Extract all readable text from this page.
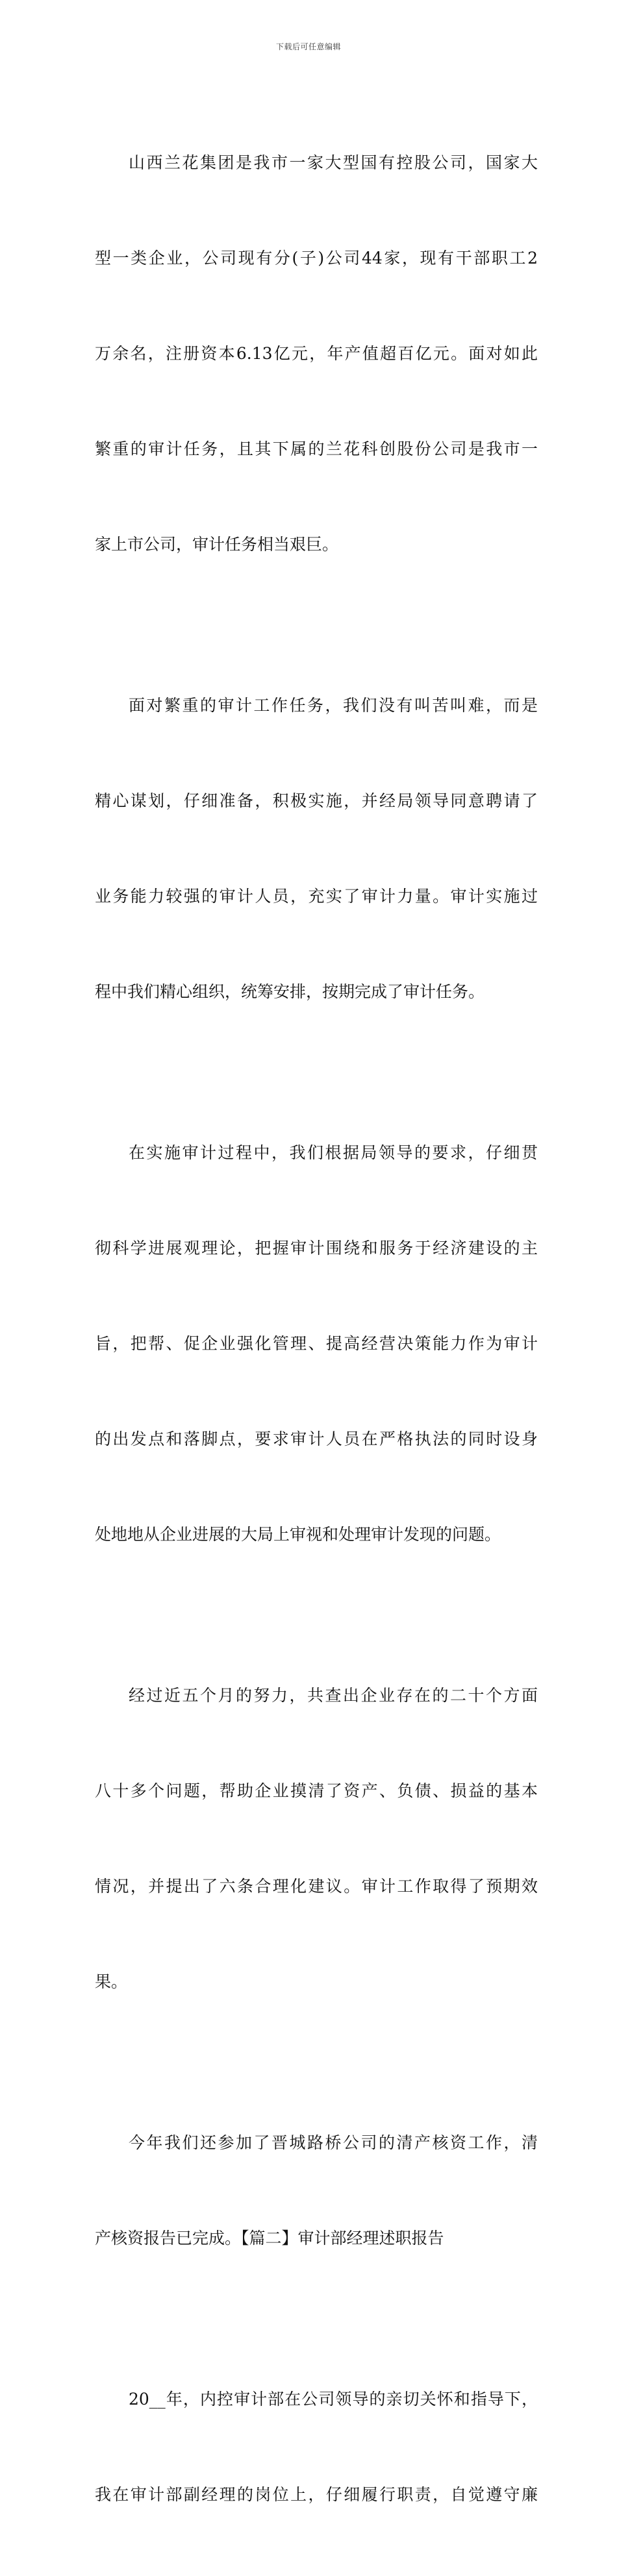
下载后可任意编辑

山西兰花集团是我市一家大型国有控股公司，国家大

型一类企业，公司现有分(子)公司44家，现有干部职工2

万余名，注册资本6.13亿元，年产值超百亿元。面对如此

繁重的审计任务，且其下属的兰花科创股份公司是我市一

家上市公司，审计任务相当艰巨。

面对繁重的审计工作任务，我们没有叫苦叫难，而是

精心谋划，仔细准备，积极实施，并经局领导同意聘请了

业务能力较强的审计人员，充实了审计力量。审计实施过

程中我们精心组织，统筹安排，按期完成了审计任务。

在实施审计过程中，我们根据局领导的要求，仔细贯

彻科学进展观理论，把握审计围绕和服务于经济建设的主

旨，把帮、促企业强化管理、提高经营决策能力作为审计

的出发点和落脚点，要求审计人员在严格执法的同时设身

处地地从企业进展的大局上审视和处理审计发现的问题。

经过近五个月的努力，共查出企业存在的二十个方面

八十多个问题，帮助企业摸清了资产、负债、损益的基本

情况，并提出了六条合理化建议。审计工作取得了预期效

果。

今年我们还参加了晋城路桥公司的清产核资工作，清

产核资报告已完成。【篇二】审计部经理述职报告

20__年，内控审计部在公司领导的亲切关怀和指导下，

我在审计部副经理的岗位上，仔细履行职责，自觉遵守廉
